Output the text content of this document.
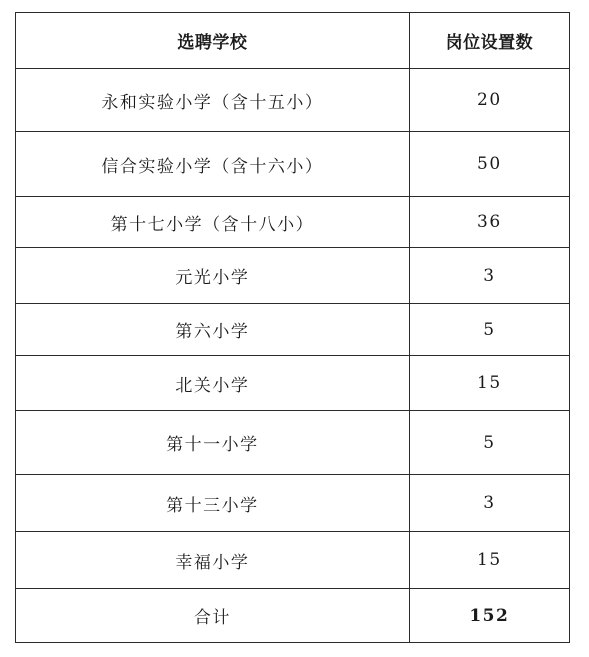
选聘学校	岗位设置数
永和实验小学（含十五小）	20
信合实验小学（含十六小）	50
第十七小学（含十八小）	36
元光小学	3
第六小学	5
北关小学	15
第十一小学	5
第十三小学	3
幸福小学	15
合计	152
